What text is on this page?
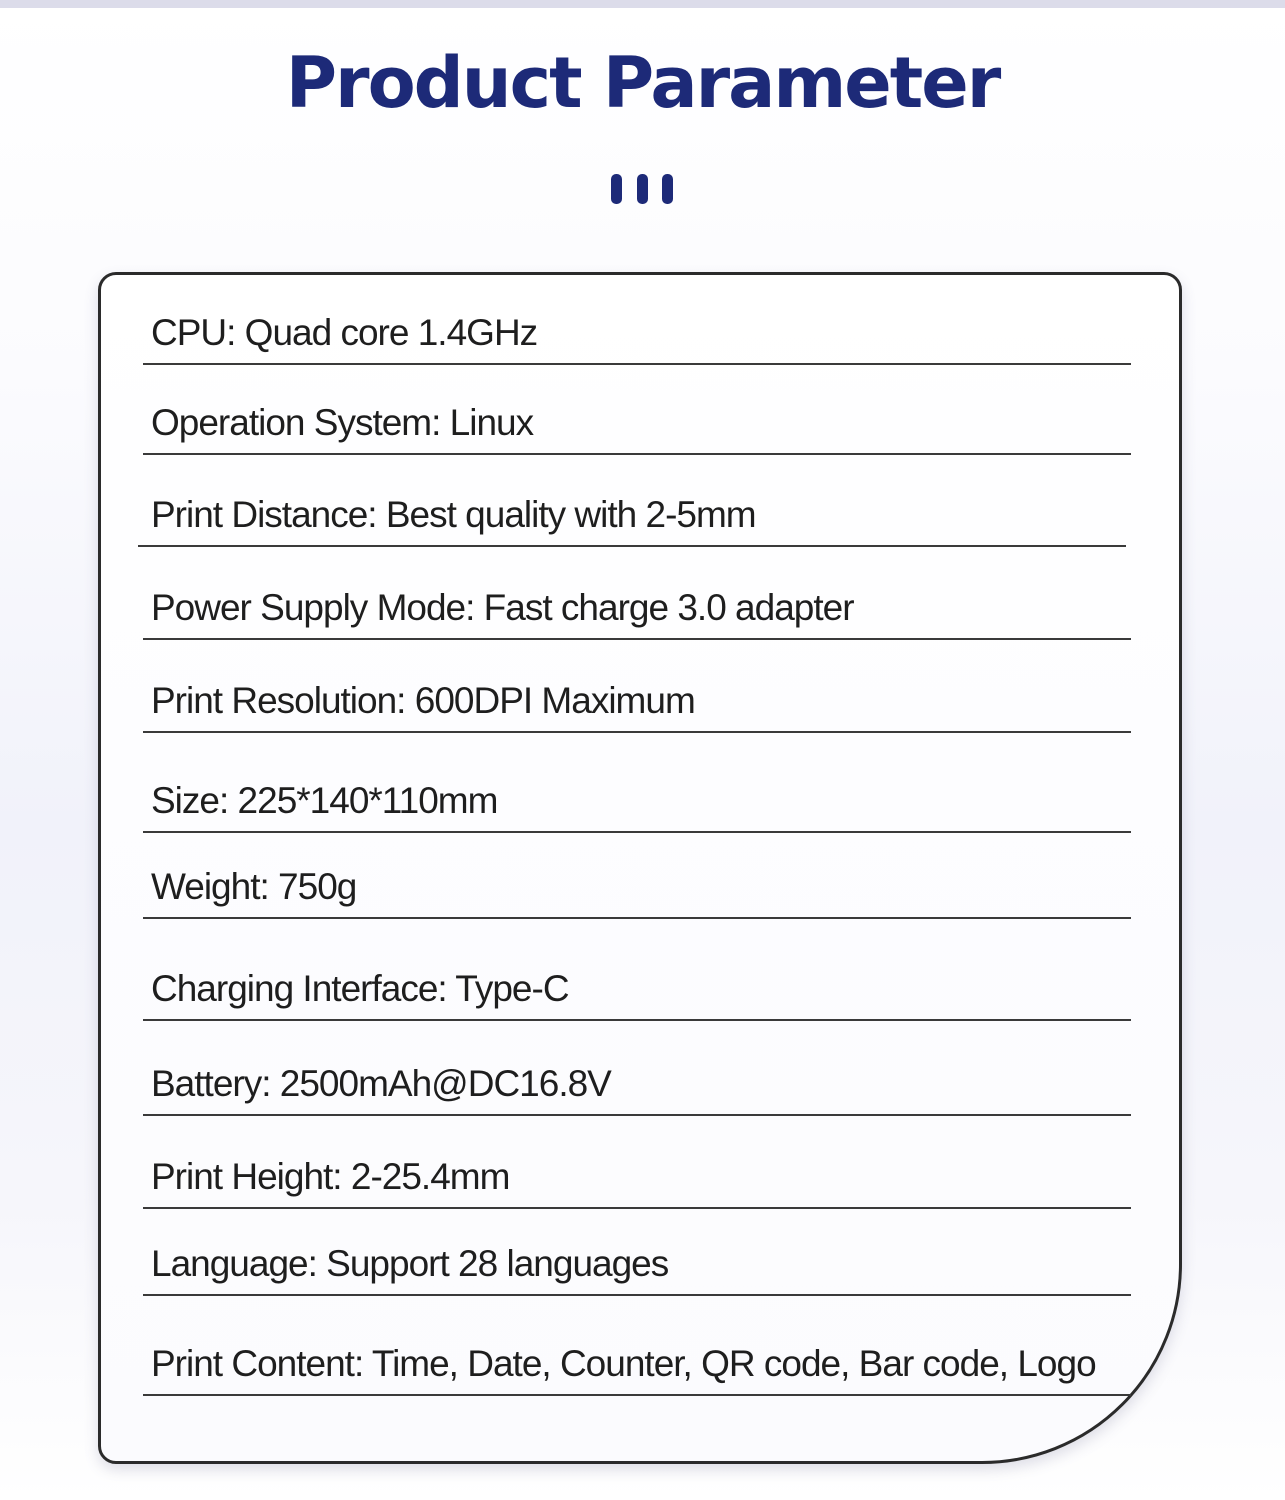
Product Parameter
CPU: Quad core 1.4GHz
Operation System: Linux
Print Distance: Best quality with 2-5mm
Power Supply Mode: Fast charge 3.0 adapter
Print Resolution: 600DPI Maximum
Size: 225*140*110mm
Weight: 750g
Charging Interface: Type-C
Battery: 2500mAh@DC16.8V
Print Height: 2-25.4mm
Language: Support 28 languages
Print Content: Time, Date, Counter, QR code, Bar code, Logo
